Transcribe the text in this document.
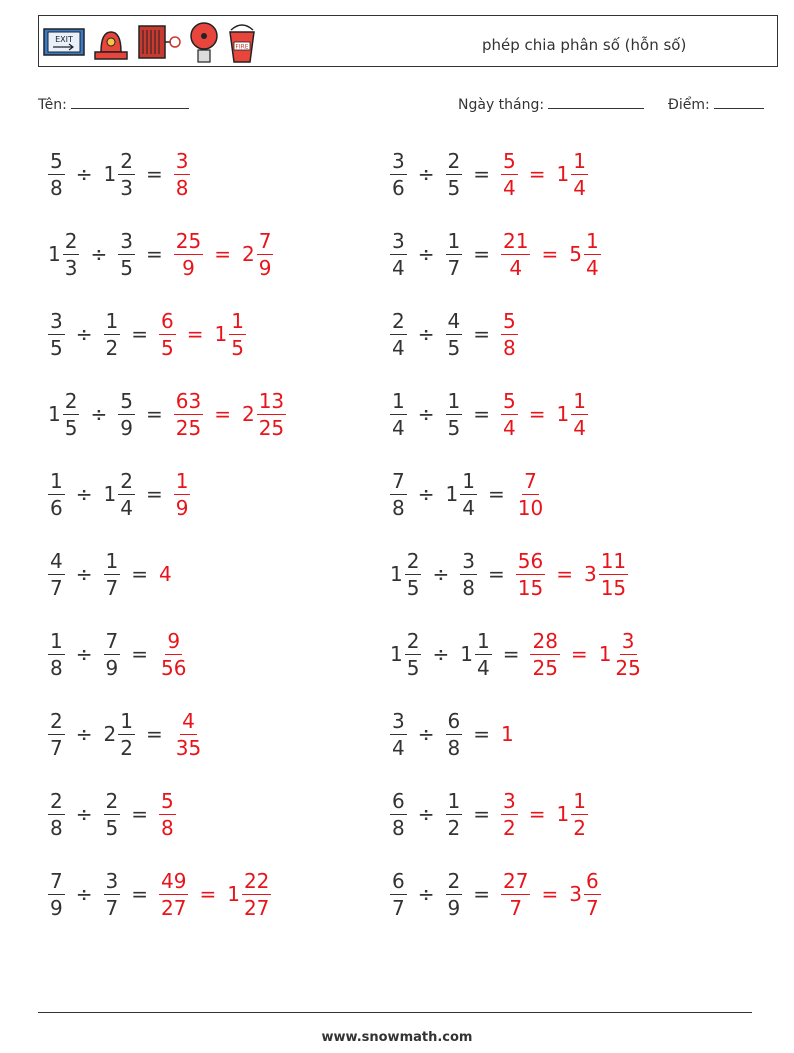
EXIT
FIRE	phép chia phân số (hỗn số)
Tên:	Ngày tháng:	Điểm:
$\frac{5}{8} \div 1 \frac{2}{3} = \frac{3}{8}$	$\frac{3}{6} \div \frac{2}{5} = \frac{5}{4} = 1 \frac{1}{4}$
$1 \frac{2}{3} \div \frac{3}{5} = \frac{25}{9} = 2 \frac{7}{9}$	$\frac{3}{4} \div \frac{1}{7} = \frac{21}{4} = 5 \frac{1}{4}$
$\frac{3}{5} \div \frac{1}{2} = \frac{6}{5} = 1 \frac{1}{5}$	$\frac{2}{4} \div \frac{4}{5} = \frac{5}{8}$
$1 \frac{2}{5} \div \frac{5}{9} = \frac{63}{25} = 2 \frac{13}{25}$	$\frac{1}{4} \div \frac{1}{5} = \frac{5}{4} = 1 \frac{1}{4}$
$\frac{1}{6} \div 1 \frac{2}{4} = \frac{1}{9}$	$\frac{7}{8} \div 1 \frac{1}{4} = \frac{7}{10}$
$\frac{4}{7} \div \frac{1}{7} = 4$	$1 \frac{2}{5} \div \frac{3}{8} = \frac{56}{15} = 3 \frac{11}{15}$
$\frac{1}{8} \div \frac{7}{9} = \frac{9}{56}$	$1 \frac{2}{5} \div 1 \frac{1}{4} = \frac{28}{25} = 1 \frac{3}{25}$
$\frac{2}{7} \div 2 \frac{1}{2} = \frac{4}{35}$	$\frac{3}{4} \div \frac{6}{8} = 1$
$\frac{2}{8} \div \frac{2}{5} = \frac{5}{8}$	$\frac{6}{8} \div \frac{1}{2} = \frac{3}{2} = 1 \frac{1}{2}$
$\frac{7}{9} \div \frac{3}{7} = \frac{49}{27} = 1 \frac{22}{27}$	$\frac{6}{7} \div \frac{2}{9} = \frac{27}{7} = 3 \frac{6}{7}$
www.snowmath.com
